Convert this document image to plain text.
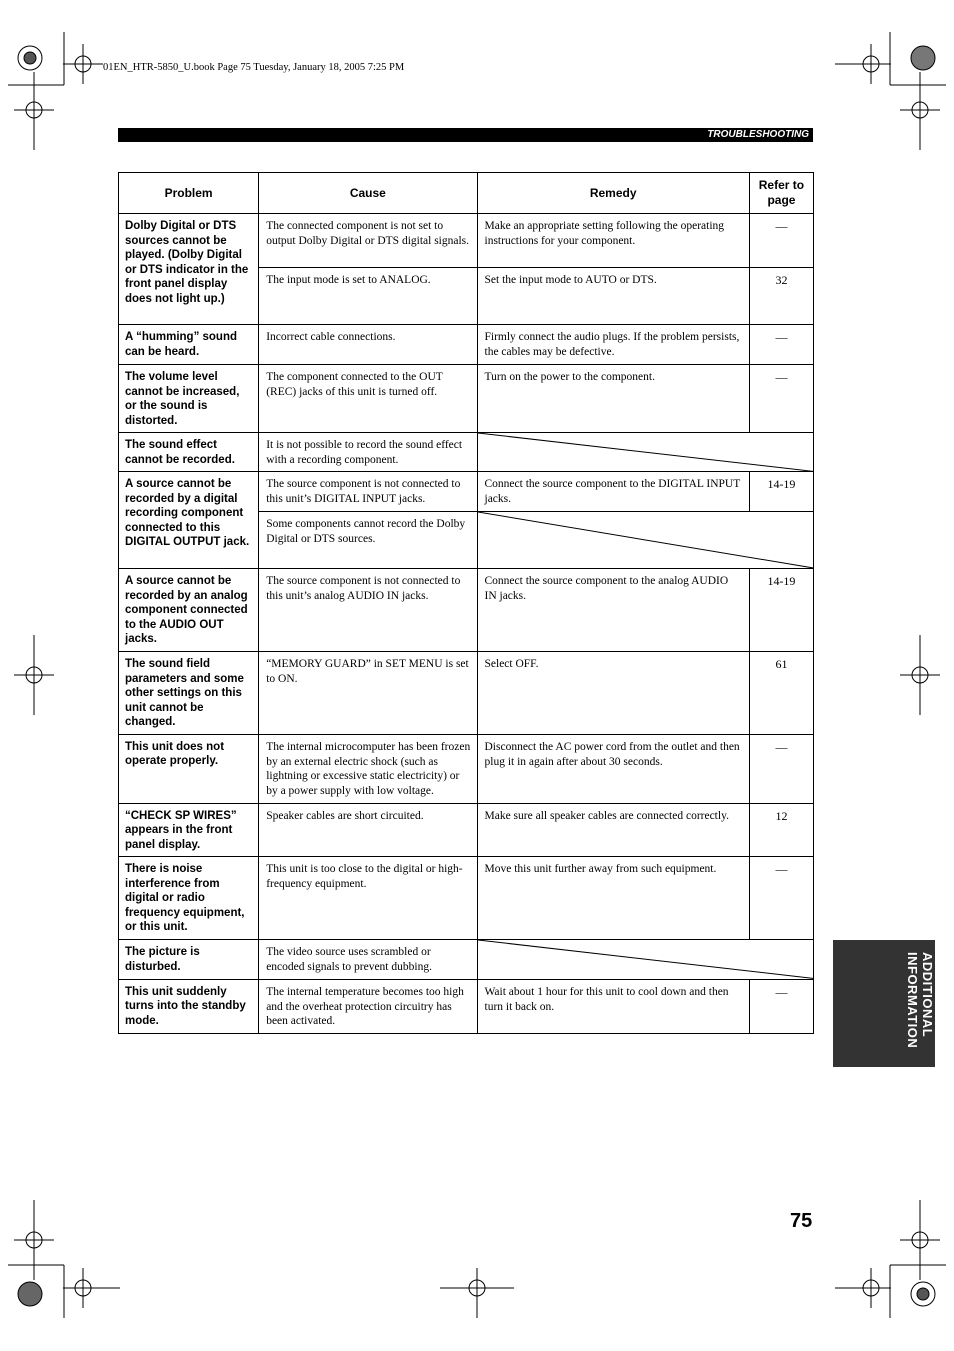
01EN_HTR-5850_U.book Page 75 Tuesday, January 18, 2005 7:25 PM
TROUBLESHOOTING
Problem	Cause	Remedy	Refer to page
Dolby Digital or DTS sources cannot be played. (Dolby Digital or DTS indicator in the front panel display does not light up.)	The connected component is not set to output Dolby Digital or DTS digital signals.	Make an appropriate setting following the operating instructions for your component.	—
	The input mode is set to ANALOG.	Set the input mode to AUTO or DTS.	32
A “humming” sound can be heard.	Incorrect cable connections.	Firmly connect the audio plugs. If the problem persists, the cables may be defective.	—
The volume level cannot be increased, or the sound is distorted.	The component connected to the OUT (REC) jacks of this unit is turned off.	Turn on the power to the component.	—
The sound effect cannot be recorded.	It is not possible to record the sound effect with a recording component.	

A source cannot be recorded by a digital recording component connected to this DIGITAL OUTPUT jack.	The source component is not connected to this unit’s DIGITAL INPUT jacks.	Connect the source component to the DIGITAL INPUT jacks.	14-19
	Some components cannot record the Dolby Digital or DTS sources.	

A source cannot be recorded by an analog component connected to the AUDIO OUT jacks.	The source component is not connected to this unit’s analog AUDIO IN jacks.	Connect the source component to the analog AUDIO IN jacks.	14-19
The sound field parameters and some other settings on this unit cannot be changed.	“MEMORY GUARD” in SET MENU is set to ON.	Select OFF.	61
This unit does not operate properly.	The internal microcomputer has been frozen by an external electric shock (such as lightning or excessive static electricity) or by a power supply with low voltage.	Disconnect the AC power cord from the outlet and then plug it in again after about 30 seconds.	—
“CHECK SP WIRES” appears in the front panel display.	Speaker cables are short circuited.	Make sure all speaker cables are connected correctly.	12
There is noise interference from digital or radio frequency equipment, or this unit.	This unit is too close to the digital or high-frequency equipment.	Move this unit further away from such equipment.	—
The picture is disturbed.	The video source uses scrambled or encoded signals to prevent dubbing.	

This unit suddenly turns into the standby mode.	The internal temperature becomes too high and the overheat protection circuitry has been activated.	Wait about 1 hour for this unit to cool down and then turn it back on.	—	ADDITIONAL
INFORMATION
75
